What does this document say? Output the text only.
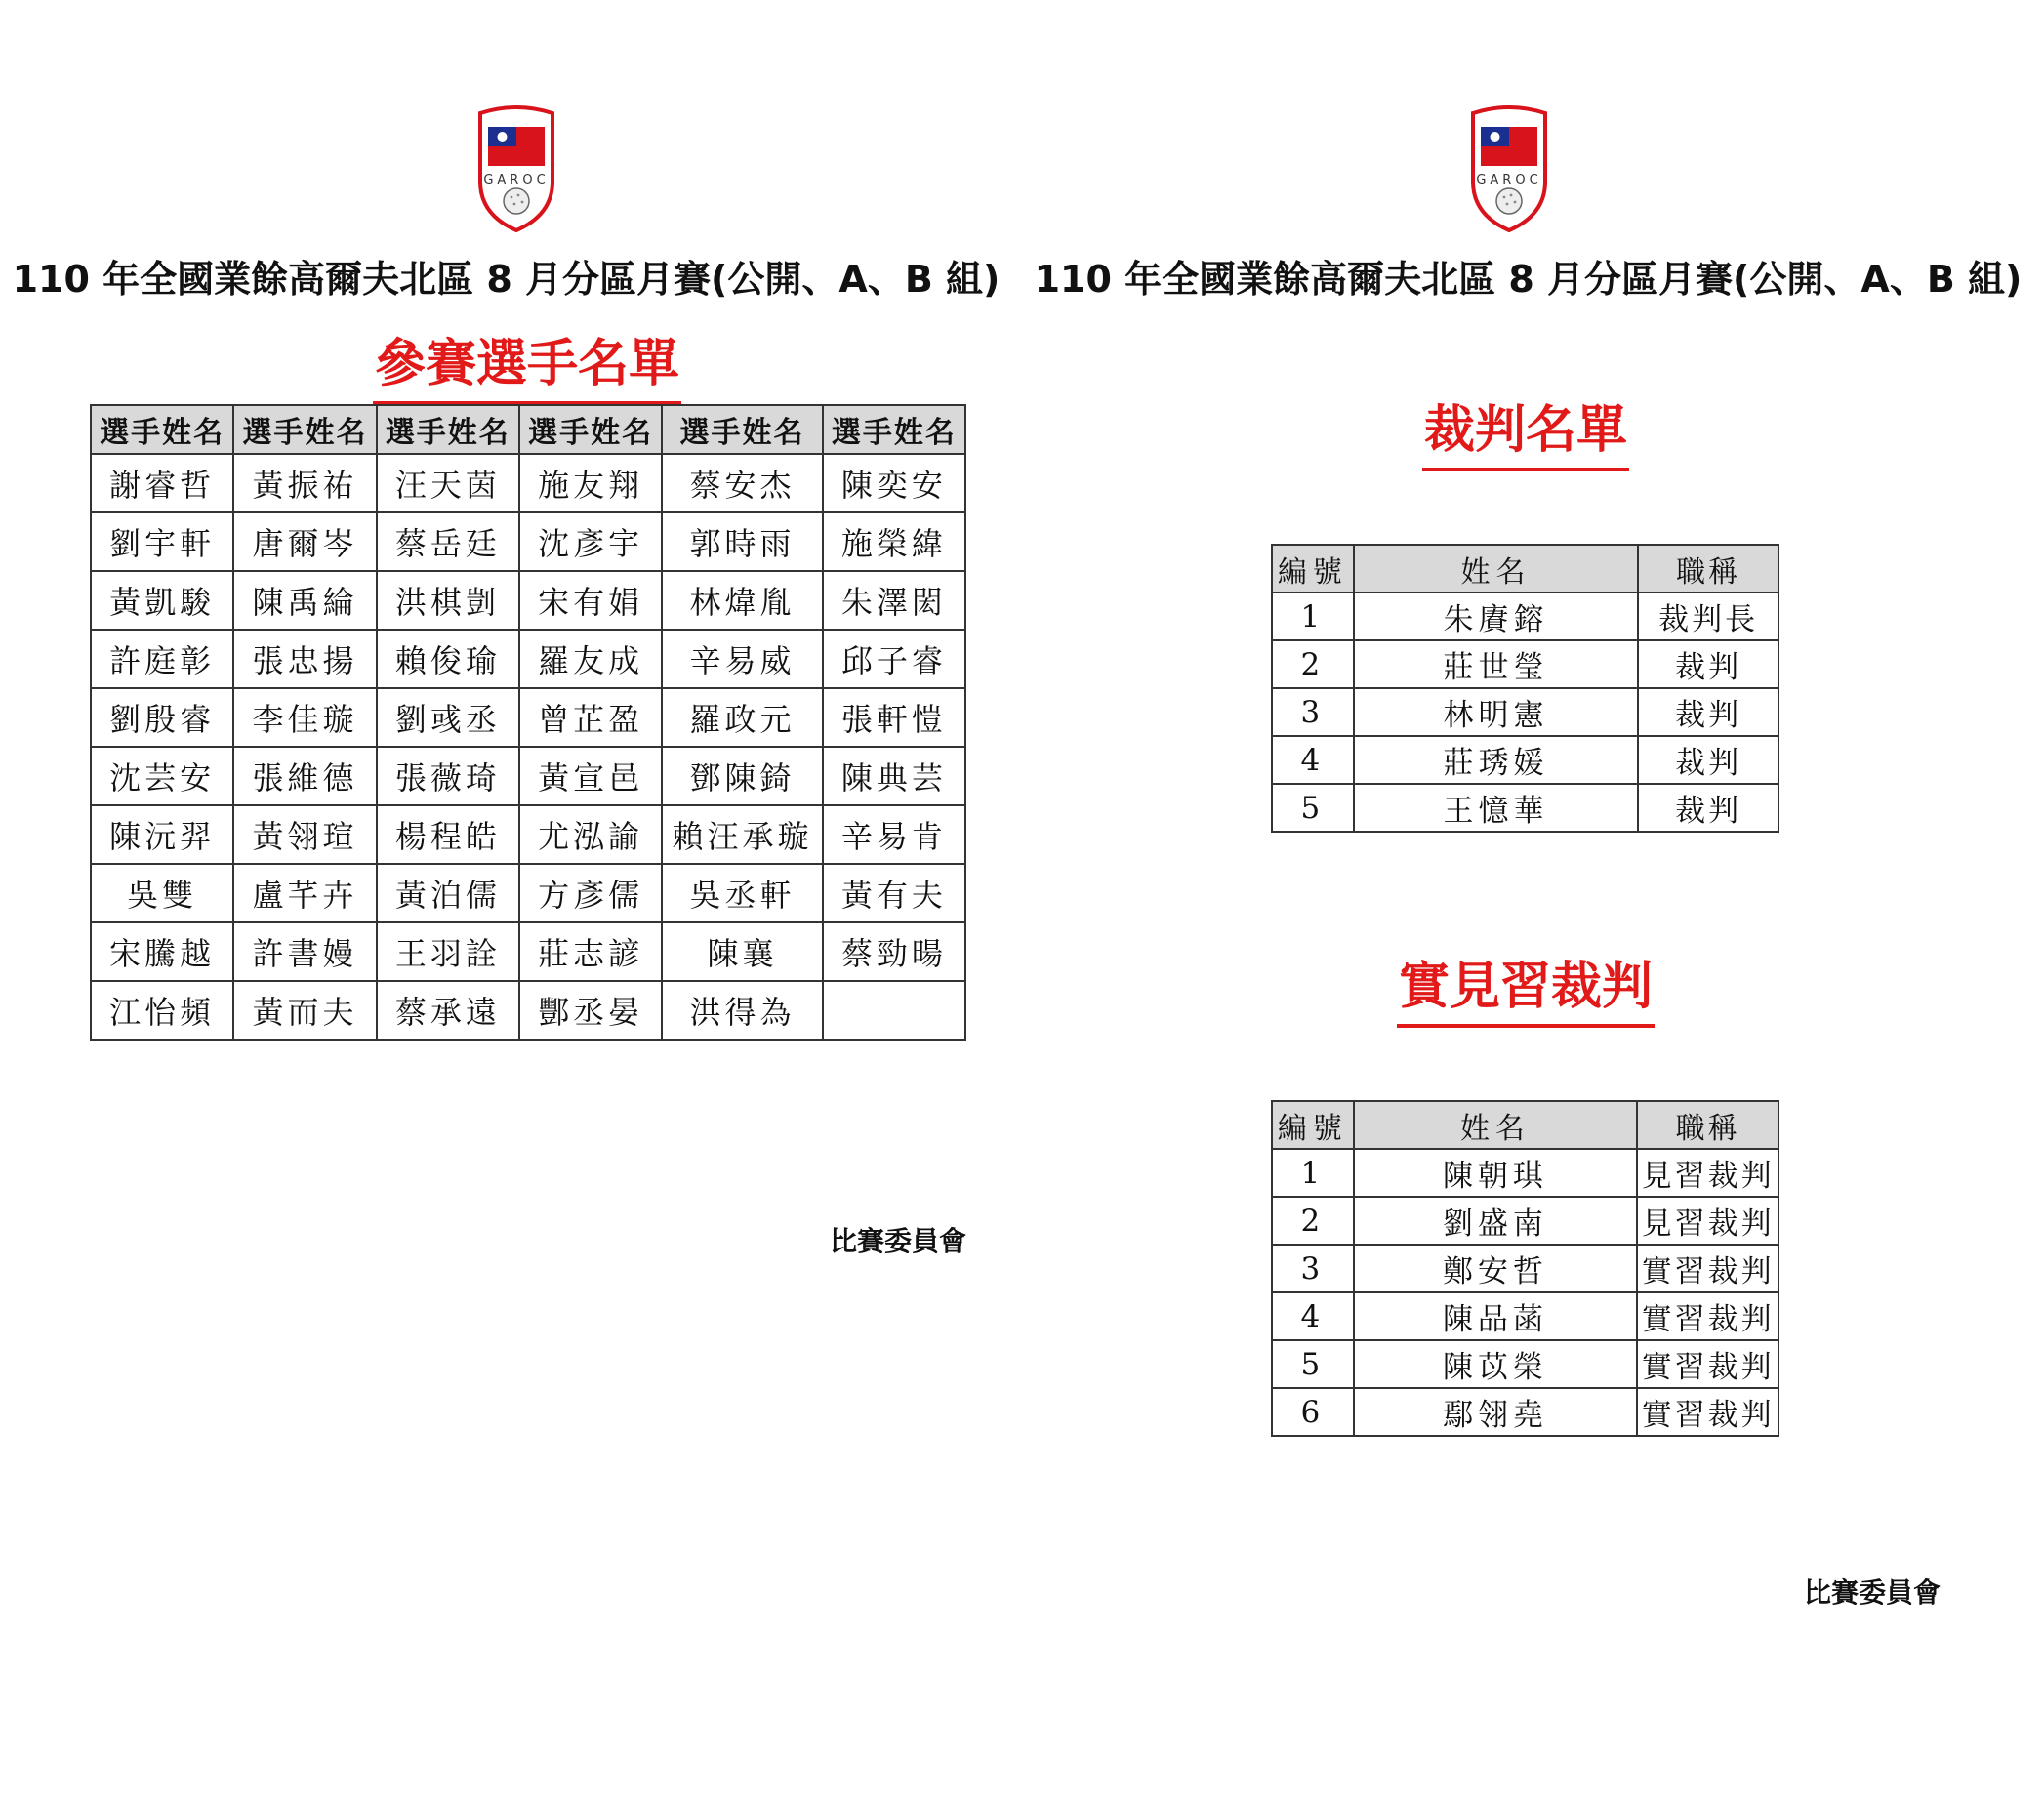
GAROC
110 年全國業餘高爾夫北區 8 月分區月賽(公開、A、B 組)
參賽選手名單
選手姓名	選手姓名	選手姓名	選手姓名	選手姓名	選手姓名
謝睿哲	黃振祐	汪天茵	施友翔	蔡安杰	陳奕安
劉宇軒	唐爾岑	蔡岳廷	沈彥宇	郭時雨	施榮緯
黃凱駿	陳禹綸	洪棋剴	宋有娟	林煒胤	朱澤閎
許庭彰	張忠揚	賴俊瑜	羅友成	辛易威	邱子睿
劉殷睿	李佳璇	劉彧丞	曾芷盈	羅政元	張軒愷
沈芸安	張維德	張薇琦	黃宣邑	鄧陳錡	陳典芸
陳沅羿	黃翎瑄	楊程皓	尤泓諭	賴汪承璇	辛易肯
吳雙	盧芊卉	黃泊儒	方彥儒	吳丞軒	黃有夫
宋騰越	許書嫚	王羽詮	莊志諺	陳襄	蔡勁暘
江怡頻	黃而夫	蔡承遠	酆丞晏	洪得為	
比賽委員會
GAROC
110 年全國業餘高爾夫北區 8 月分區月賽(公開、A、B 組)
裁判名單
編號	姓名	職稱
1	朱賡鎔	裁判長
2	莊世瑩	裁判
3	林明憲	裁判
4	莊琇媛	裁判
5	王憶華	裁判
實見習裁判
編號	姓名	職稱
1	陳朝琪	見習裁判
2	劉盛南	見習裁判
3	鄭安哲	實習裁判
4	陳品菡	實習裁判
5	陳苡榮	實習裁判
6	鄢翎堯	實習裁判
比賽委員會
